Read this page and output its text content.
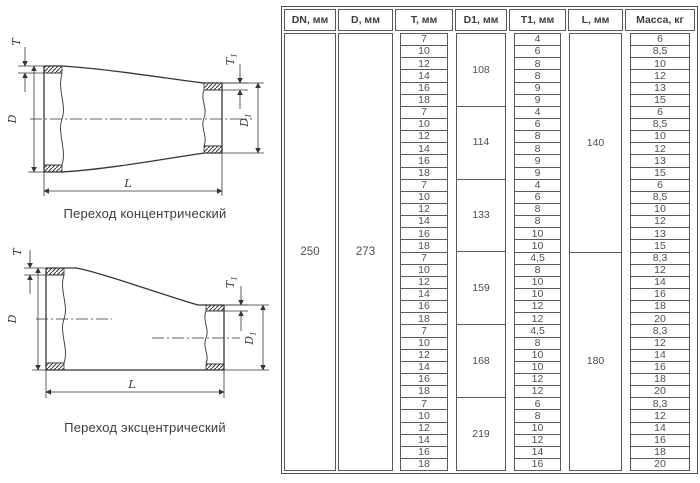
T
D
$T_1$
$D_1$
L
Переход концентрический
T
D
$T_1$
$D_1$
L
Переход эксцентрический
DN, мм
250
D, мм
273
T, мм
7
10
12
14
16
18
7
10
12
14
16
18
7
10
12
14
16
18
7
10
12
14
16
18
7
10
12
14
16
18
7
10
12
14
16
18
D1, мм
108
114
133
159
168
219
T1, мм
4
6
8
8
9
9
4
6
8
8
9
9
4
6
8
8
10
10
4,5
8
10
10
12
12
4,5
8
10
10
12
12
6
8
10
12
14
16
L, мм
140
180
Масса, кг
6
8,5
10
12
13
15
6
8,5
10
12
13
15
6
8,5
10
12
13
15
8,3
12
14
16
18
20
8,3
12
14
16
18
20
8,3
12
14
16
18
20
